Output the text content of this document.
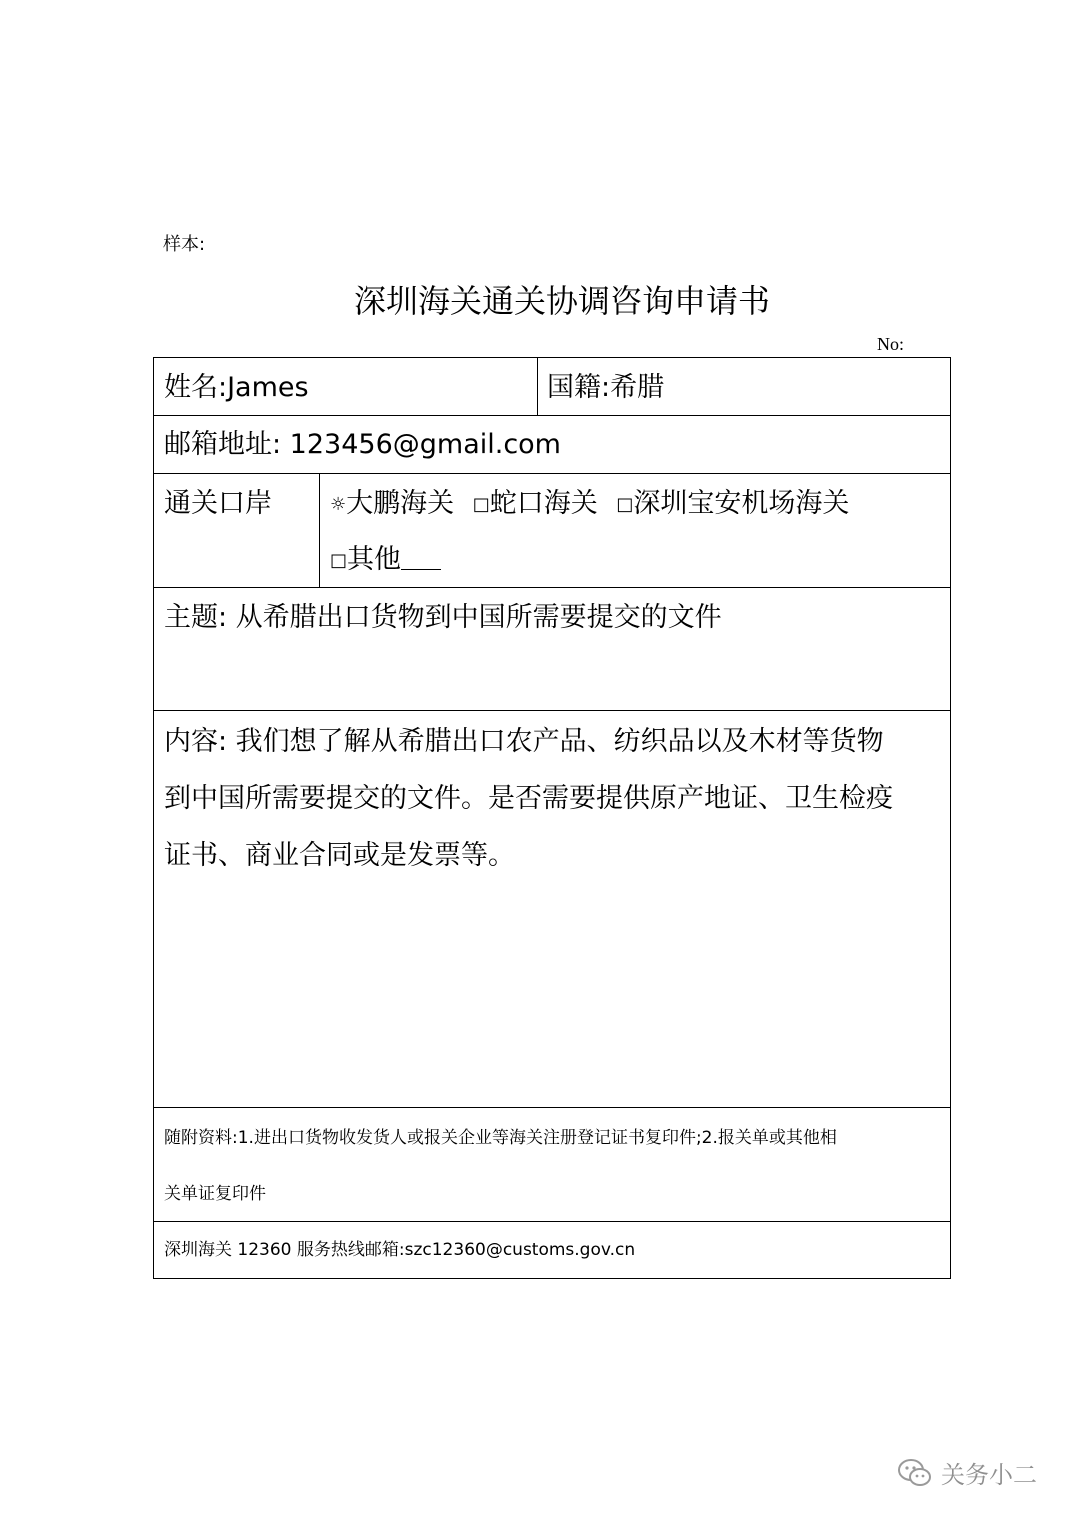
样本:
深圳海关通关协调咨询申请书
No:
姓名:James	国籍:希腊
邮箱地址: 123456@gmail.com
通关口岸	☼大鹏海关 □蛇口海关 □深圳宝安机场海关
□其他
主题: 从希腊出口货物到中国所需要提交的文件
内容: 我们想了解从希腊出口农产品、纺织品以及木材等货物
到中国所需要提交的文件。是否需要提供原产地证、卫生检疫
证书、商业合同或是发票等。
随附资料:1.进出口货物收发货人或报关企业等海关注册登记证书复印件;2.报关单或其他相
关单证复印件
深圳海关 12360 服务热线邮箱:szc12360@customs.gov.cn
关务小二
